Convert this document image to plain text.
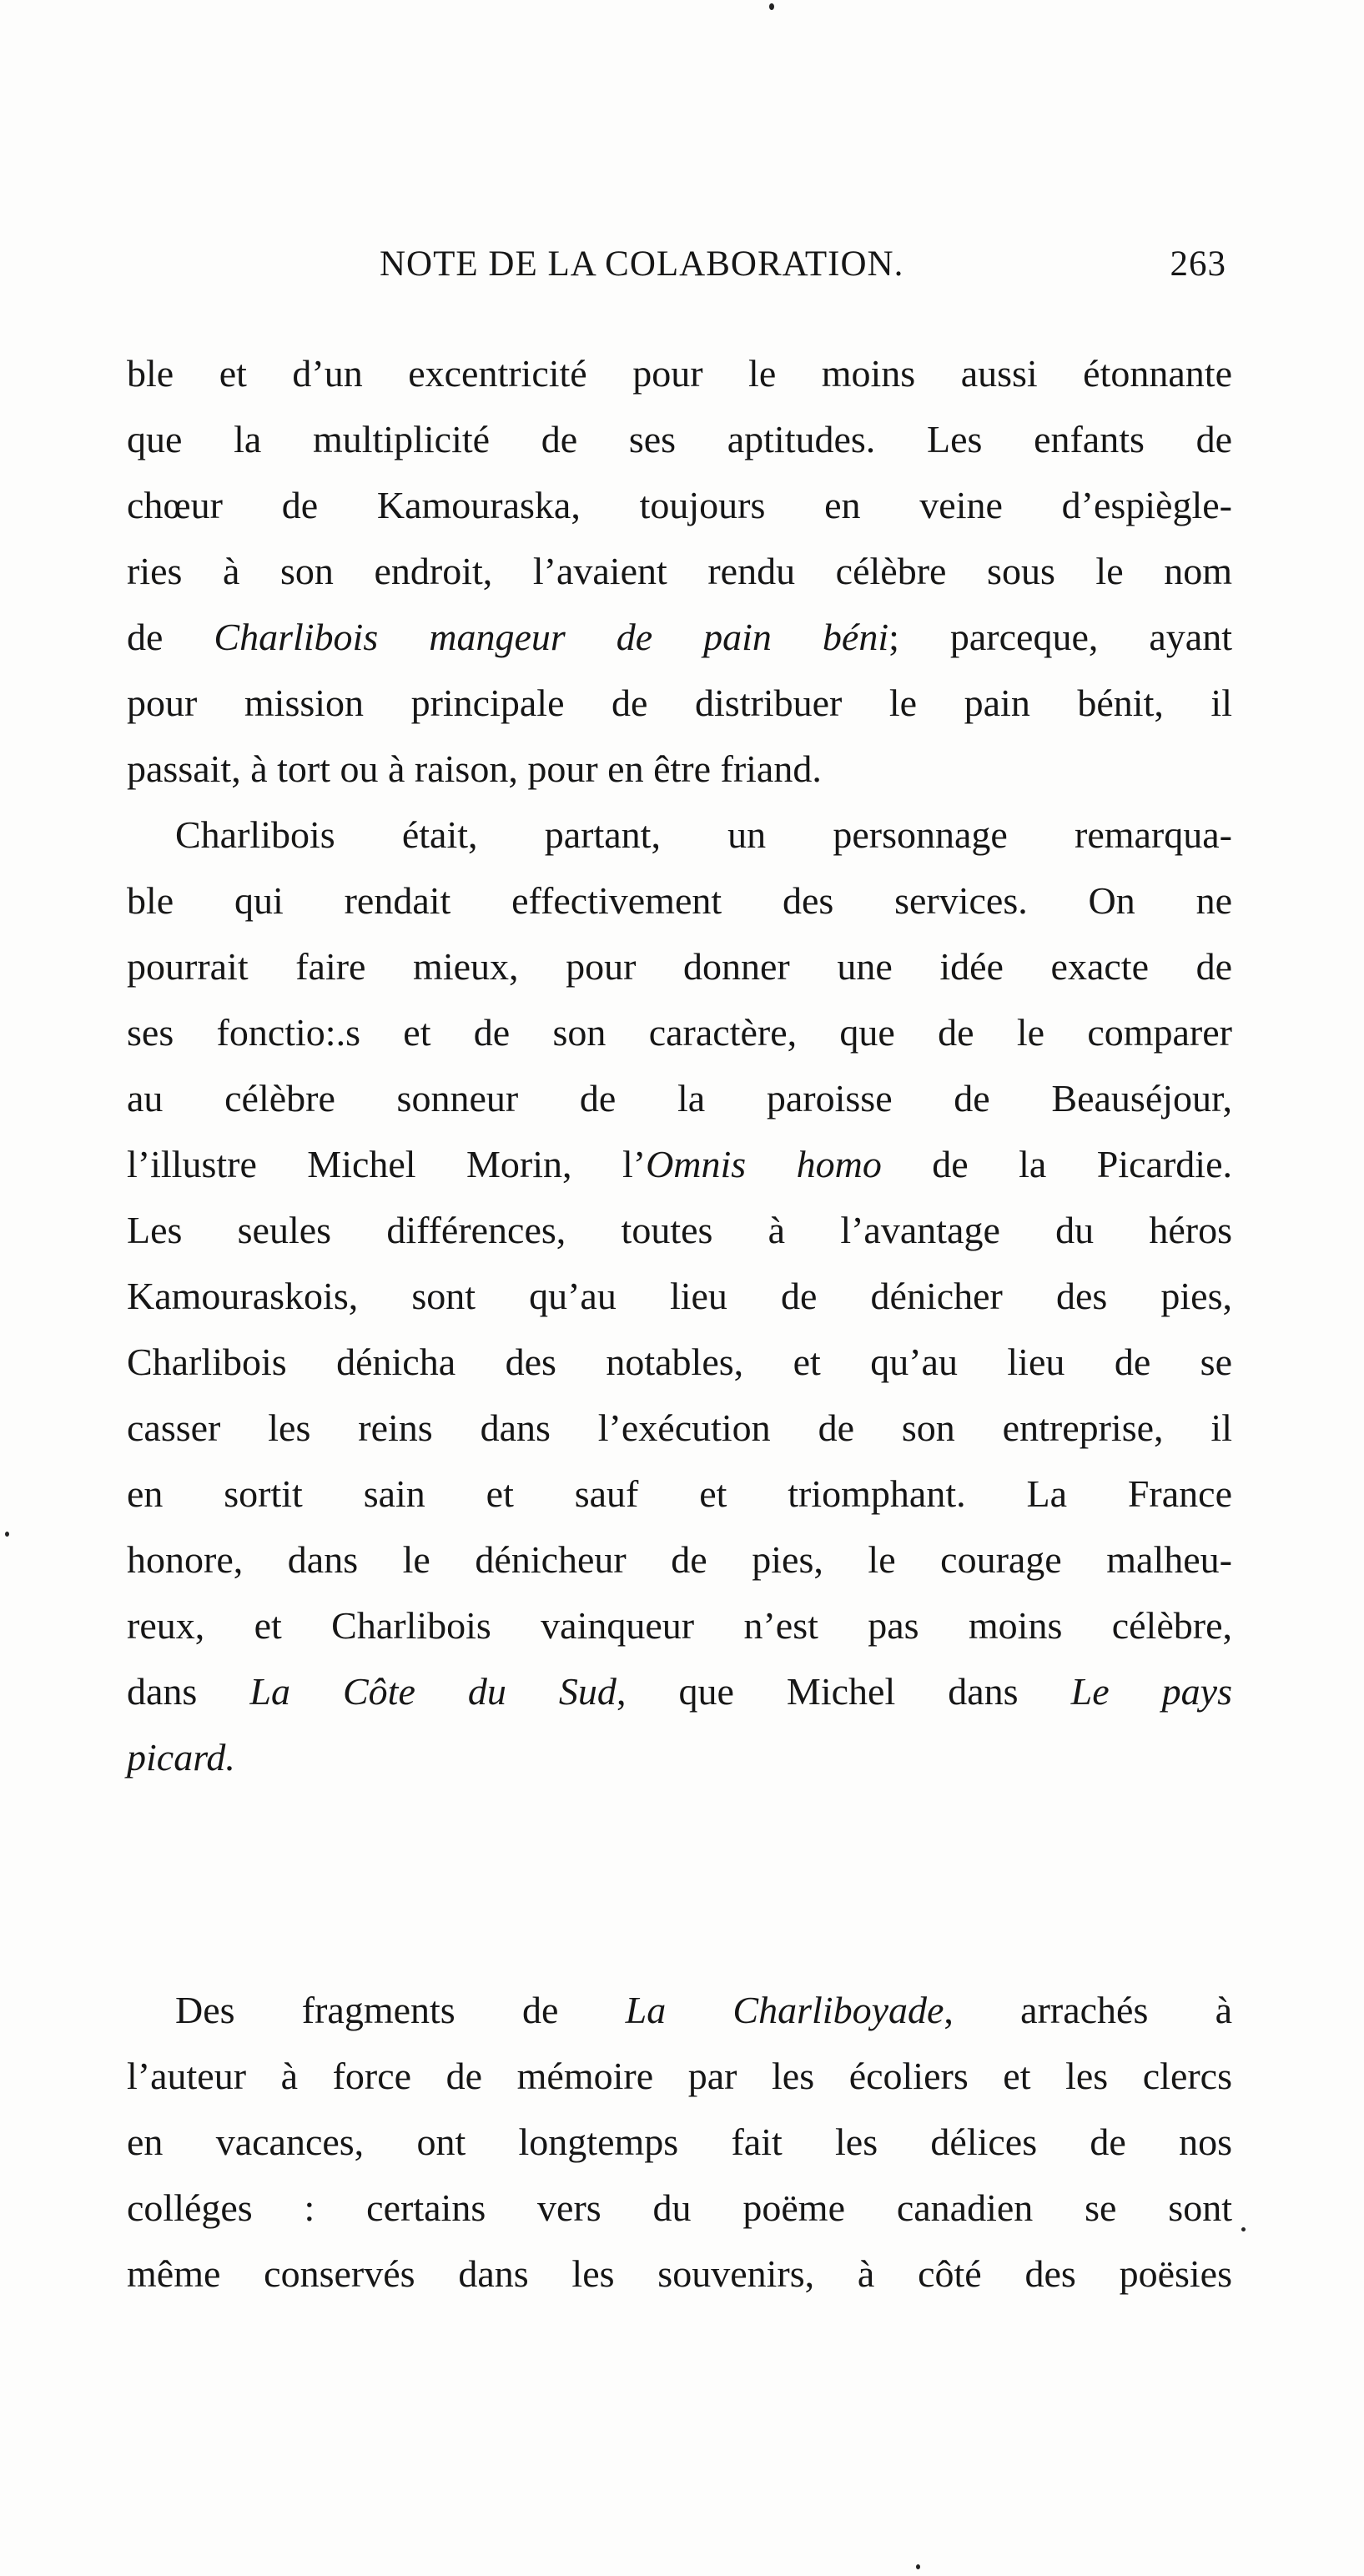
NOTE DE LA COLABORATION.	263
ble et d’un excentricité pour le moins aussi étonnante
que la multiplicité de ses aptitudes. Les enfants de
chœur de Kamouraska, toujours en veine d’espiègle-
ries à son endroit, l’avaient rendu célèbre sous le nom
de Charlibois mangeur de pain béni; parceque, ayant
pour mission principale de distribuer le pain bénit, il
passait, à tort ou à raison, pour en être friand.
Charlibois était, partant, un personnage remarqua-
ble qui rendait effectivement des services. On ne
pourrait faire mieux, pour donner une idée exacte de
ses fonctio:.s et de son caractère, que de le comparer
au célèbre sonneur de la paroisse de Beauséjour,
l’illustre Michel Morin, l’Omnis homo de la Picardie.
Les seules différences, toutes à l’avantage du héros
Kamouraskois, sont qu’au lieu de dénicher des pies,
Charlibois dénicha des notables, et qu’au lieu de se
casser les reins dans l’exécution de son entreprise, il
en sortit sain et sauf et triomphant. La France
honore, dans le dénicheur de pies, le courage malheu-
reux, et Charlibois vainqueur n’est pas moins célèbre,
dans La Côte du Sud, que Michel dans Le pays
picard.
Des fragments de La Charliboyade, arrachés à
l’auteur à force de mémoire par les écoliers et les clercs
en vacances, ont longtemps fait les délices de nos
colléges : certains vers du poëme canadien se sont
même conservés dans les souvenirs, à côté des poësies
